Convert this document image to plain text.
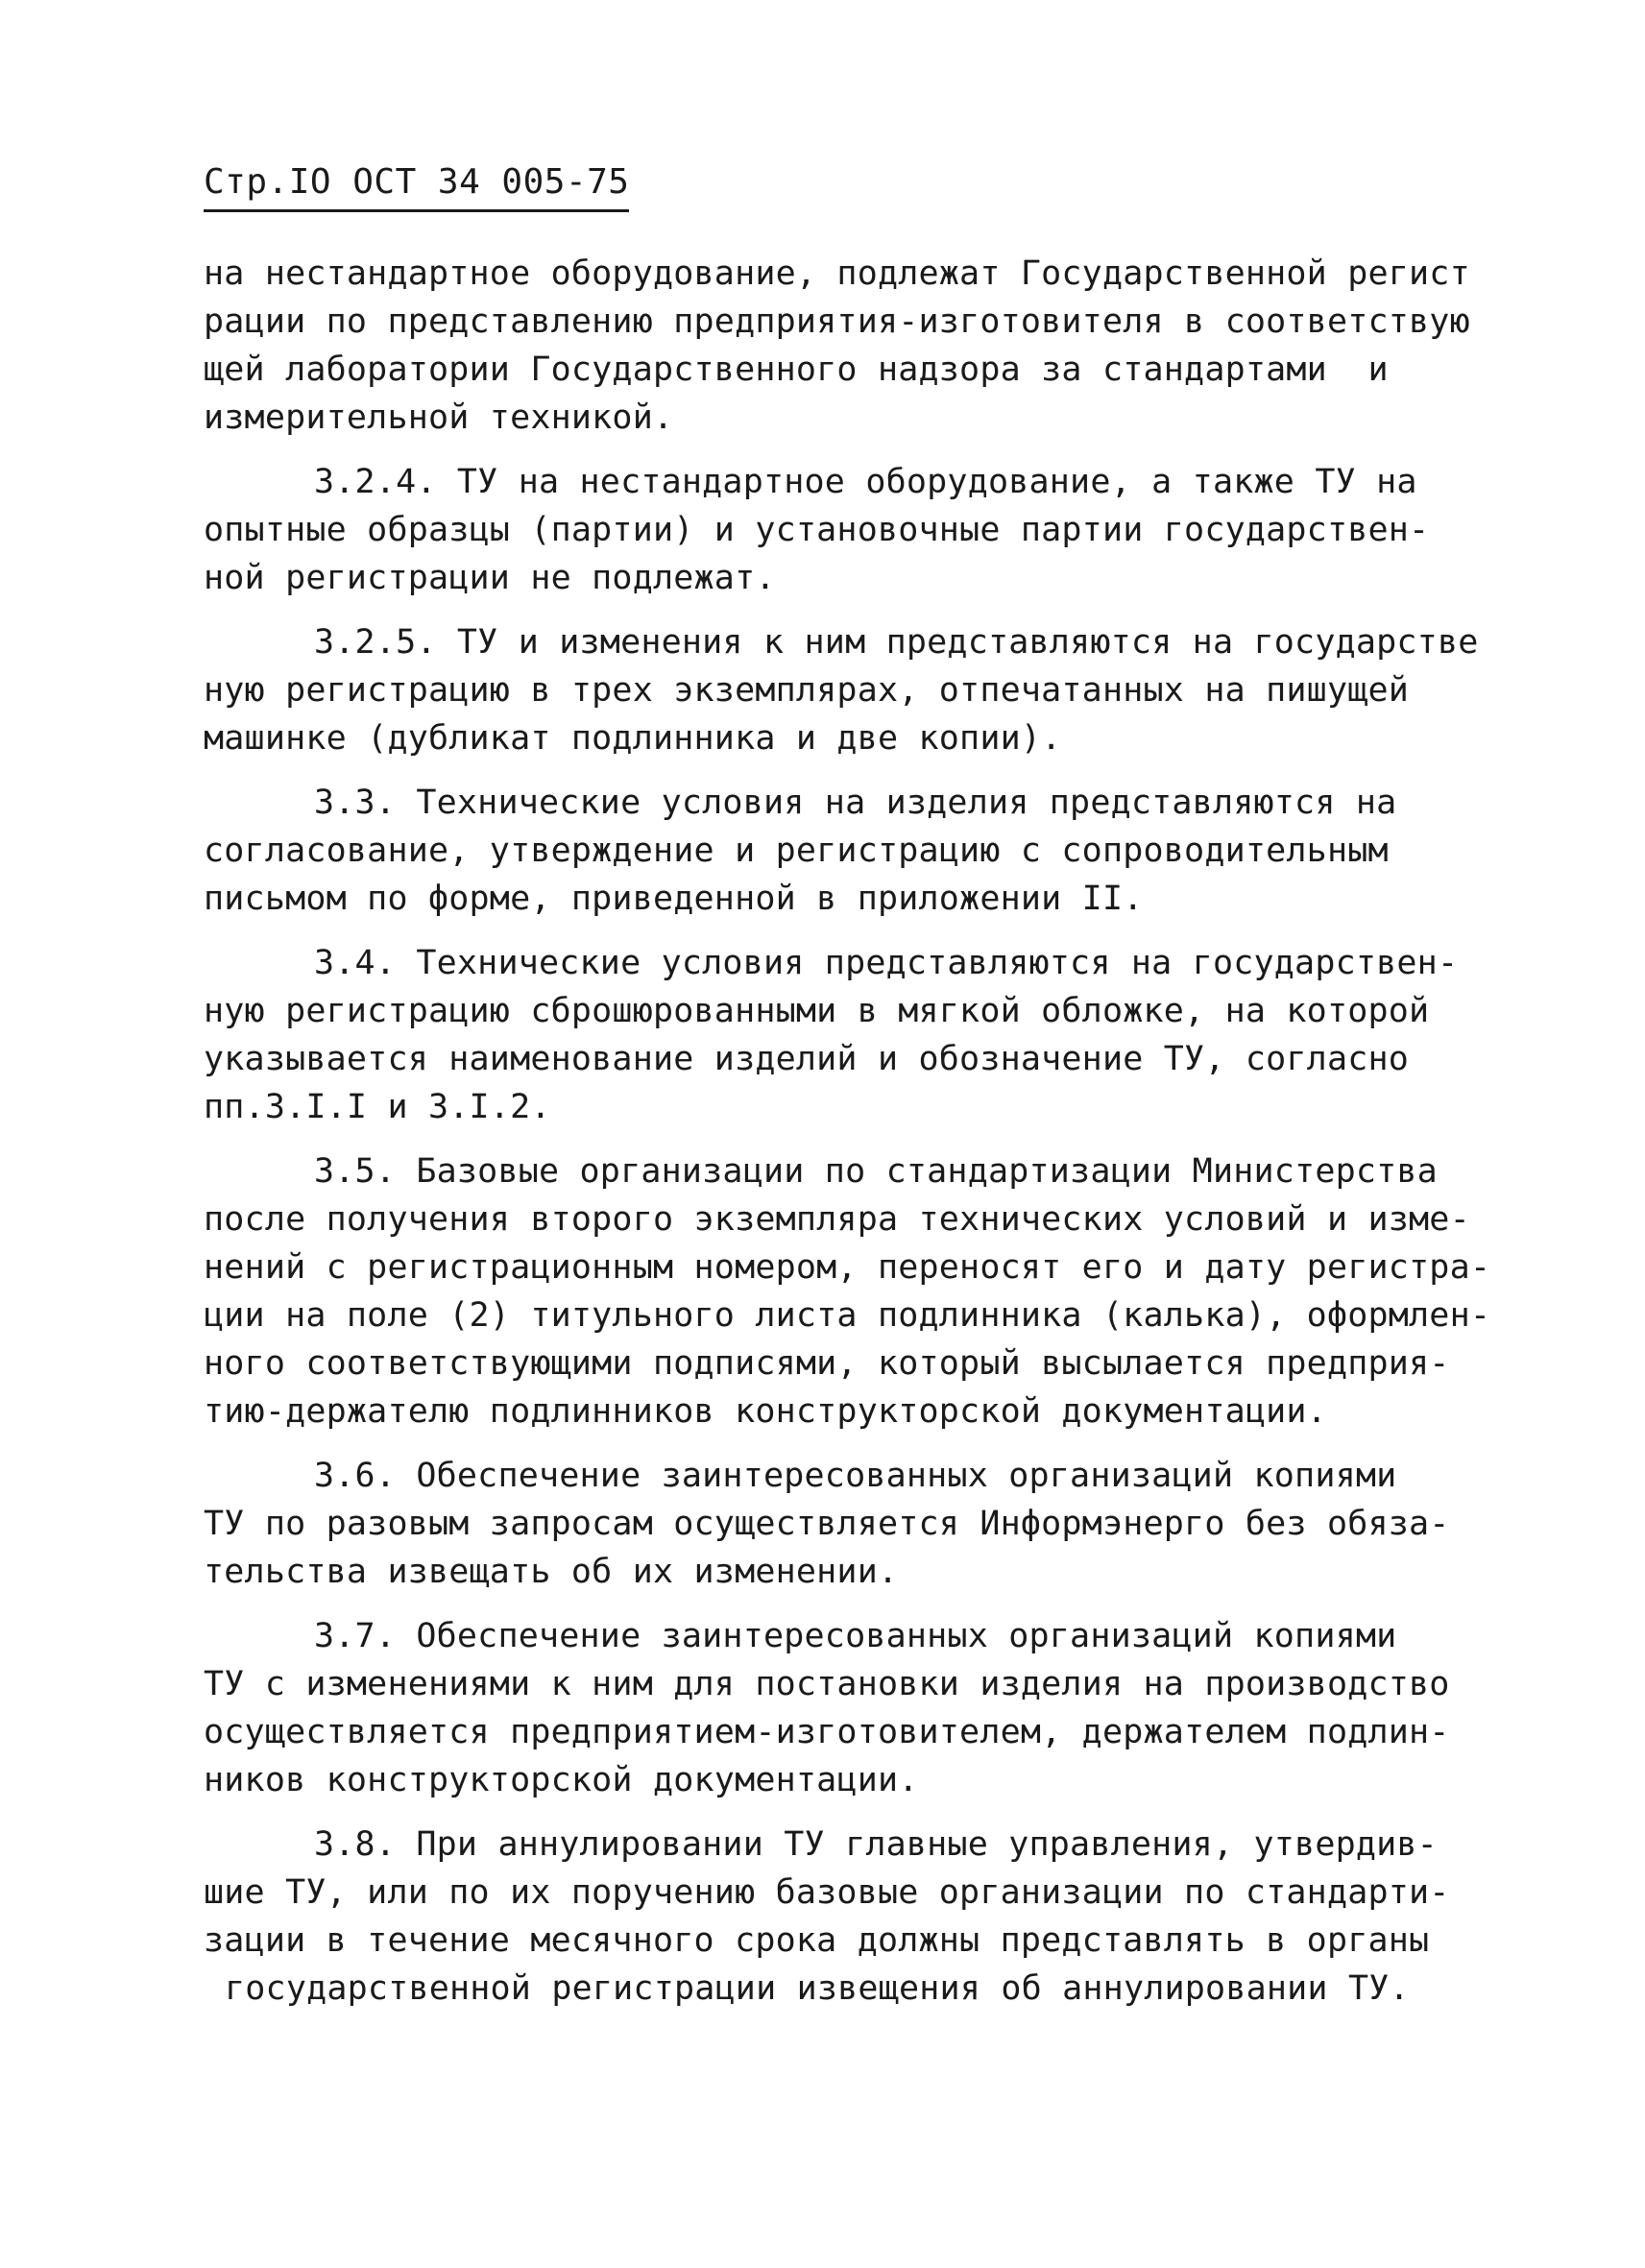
Стр.IO ОСТ 34 005-75
на нестандартное оборудование, подлежат Государственной регист
рации по представлению предприятия-изготовителя в соответствую
щей лаборатории Государственного надзора за стандартами  и
измерительной техникой.
3.2.4. ТУ на нестандартное оборудование, а также ТУ на
опытные образцы (партии) и установочные партии государствен-
ной регистрации не подлежат.
3.2.5. ТУ и изменения к ним представляются на государстве
ную регистрацию в трех экземплярах, отпечатанных на пишущей
машинке (дубликат подлинника и две копии).
3.3. Технические условия на изделия представляются на
согласование, утверждение и регистрацию с сопроводительным
письмом по форме, приведенной в приложении II.
3.4. Технические условия представляются на государствен-
ную регистрацию сброшюрованными в мягкой обложке, на которой
указывается наименование изделий и обозначение ТУ, согласно
пп.3.I.I и 3.I.2.
3.5. Базовые организации по стандартизации Министерства
после получения второго экземпляра технических условий и изме-
нений с регистрационным номером, переносят его и дату регистра-
ции на поле (2) титульного листа подлинника (калька), оформлен-
ного соответствующими подписями, который высылается предприя-
тию-держателю подлинников конструкторской документации.
3.6. Обеспечение заинтересованных организаций копиями
ТУ по разовым запросам осуществляется Информэнерго без обяза-
тельства извещать об их изменении.
3.7. Обеспечение заинтересованных организаций копиями
ТУ с изменениями к ним для постановки изделия на производство
осуществляется предприятием-изготовителем, держателем подлин-
ников конструкторской документации.
3.8. При аннулировании ТУ главные управления, утвердив-
шие ТУ, или по их поручению базовые организации по стандарти-
зации в течение месячного срока должны представлять в органы
государственной регистрации извещения об аннулировании ТУ.
